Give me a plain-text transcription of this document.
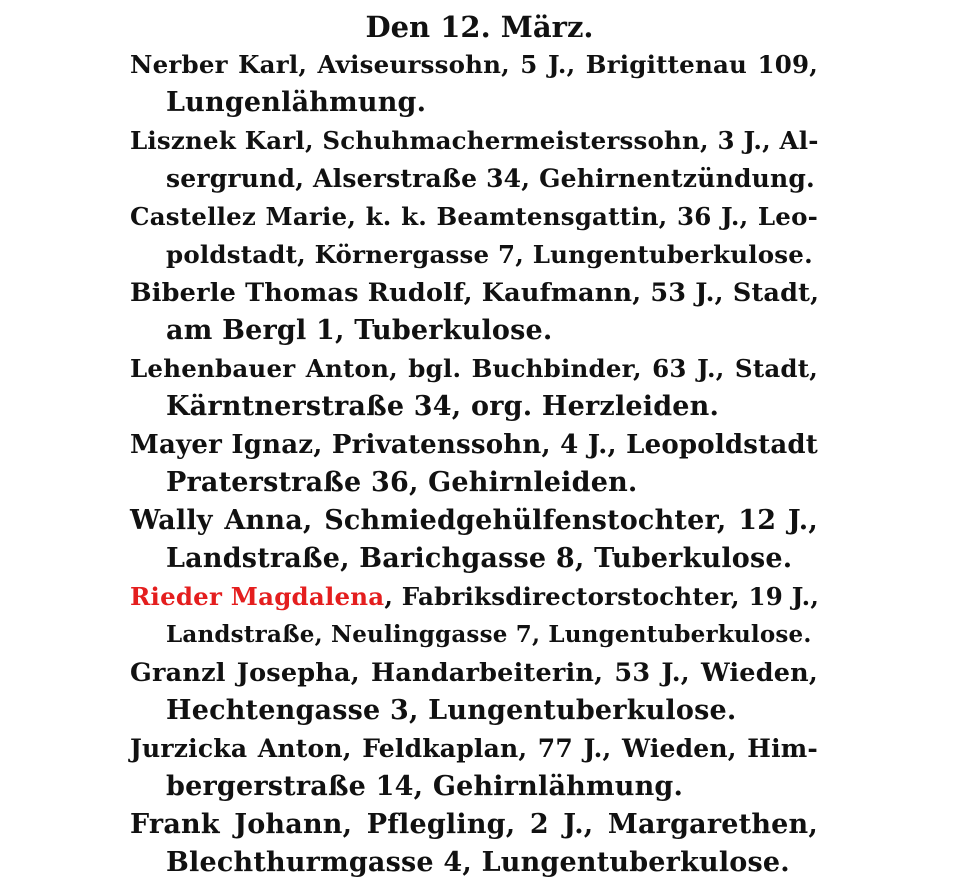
Den 12. März.
Nerber Karl, Aviseurssohn, 5 J., Brigittenau 109,
Lungenlähmung.
Lisznek Karl, Schuhmachermeisterssohn, 3 J., Al-
sergrund, Alserstraße 34, Gehirnentzündung.
Castellez Marie, k. k. Beamtensgattin, 36 J., Leo-
poldstadt, Körnergasse 7, Lungentuberkulose.
Biberle Thomas Rudolf, Kaufmann, 53 J., Stadt,
am Bergl 1, Tuberkulose.
Lehenbauer Anton, bgl. Buchbinder, 63 J., Stadt,
Kärntnerstraße 34, org. Herzleiden.
Mayer Ignaz, Privatenssohn, 4 J., Leopoldstadt
Praterstraße 36, Gehirnleiden.
Wally Anna, Schmiedgehülfenstochter, 12 J.,
Landstraße, Barichgasse 8, Tuberkulose.
Rieder Magdalena, Fabriksdirectorstochter, 19 J.,
Landstraße, Neulinggasse 7, Lungentuberkulose.
Granzl Josepha, Handarbeiterin, 53 J., Wieden,
Hechtengasse 3, Lungentuberkulose.
Jurzicka Anton, Feldkaplan, 77 J., Wieden, Him-
bergerstraße 14, Gehirnlähmung.
Frank Johann, Pflegling, 2 J., Margarethen,
Blechthurmgasse 4, Lungentuberkulose.
